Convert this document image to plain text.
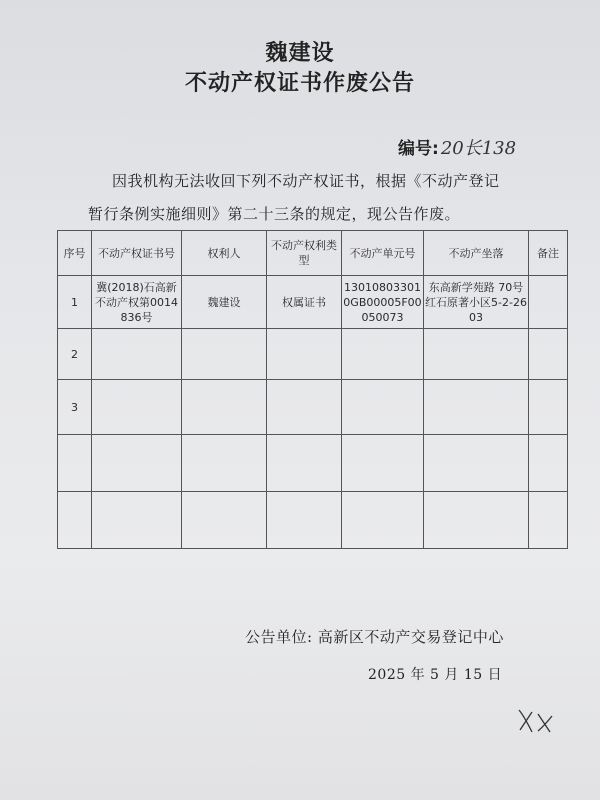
魏建设
不动产权证书作废公告
编号: 20长138
因我机构无法收回下列不动产权证书，根据《不动产登记
暂行条例实施细则》第二十三条的规定，现公告作废。
序号	不动产权证书号	权利人	不动产权利类型	不动产单元号	不动产坐落	备注
1	冀(2018)石高新不动产权第0014836号	魏建设	权属证书	130108033010GB00005F00050073	东高新学苑路 70号红石原著小区5-2-2603	

2						
3						

公告单位: 高新区不动产交易登记中心
2025 年 5 月 15 日
